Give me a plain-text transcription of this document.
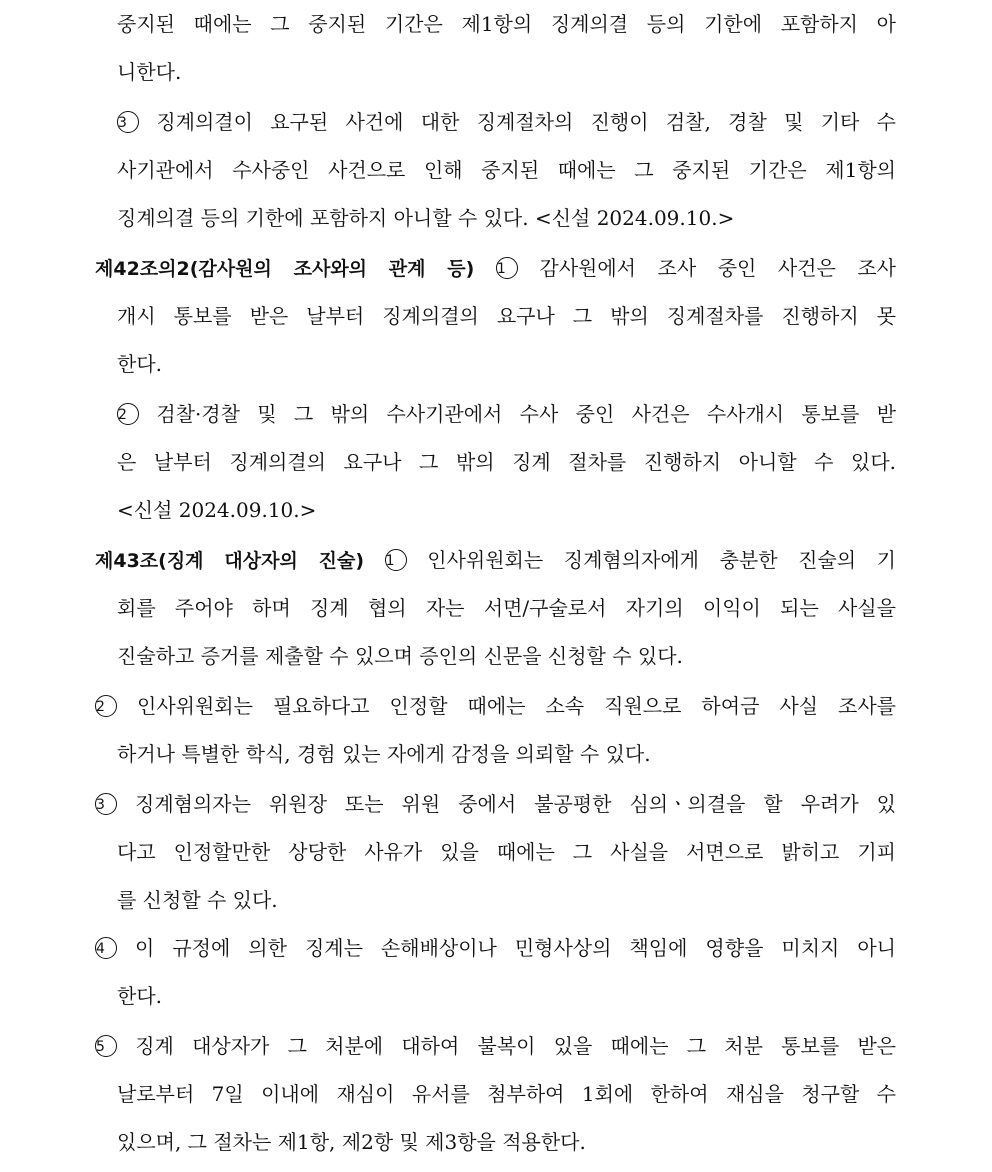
중지된 때에는 그 중지된 기간은 제1항의 징계의결 등의 기한에 포함하지 아
니한다.
3 징계의결이 요구된 사건에 대한 징계절차의 진행이 검찰, 경찰 및 기타 수
사기관에서 수사중인 사건으로 인해 중지된 때에는 그 중지된 기간은 제1항의
징계의결 등의 기한에 포함하지 아니할 수 있다. <신설 2024.09.10.>
제42조의2(감사원의 조사와의 관계 등) 1 감사원에서 조사 중인 사건은 조사
개시 통보를 받은 날부터 징계의결의 요구나 그 밖의 징계절차를 진행하지 못
한다.
2 검찰·경찰 및 그 밖의 수사기관에서 수사 중인 사건은 수사개시 통보를 받
은 날부터 징계의결의 요구나 그 밖의 징계 절차를 진행하지 아니할 수 있다.
<신설 2024.09.10.>
제43조(징계 대상자의 진술) 1 인사위원회는 징계혐의자에게 충분한 진술의 기
회를 주어야 하며 징계 협의 자는 서면/구술로서 자기의 이익이 되는 사실을
진술하고 증거를 제출할 수 있으며 증인의 신문을 신청할 수 있다.
2 인사위원회는 필요하다고 인정할 때에는 소속 직원으로 하여금 사실 조사를
하거나 특별한 학식, 경험 있는 자에게 감정을 의뢰할 수 있다.
3 징계혐의자는 위원장 또는 위원 중에서 불공평한 심의ㆍ의결을 할 우려가 있
다고 인정할만한 상당한 사유가 있을 때에는 그 사실을 서면으로 밝히고 기피
를 신청할 수 있다.
4 이 규정에 의한 징계는 손해배상이나 민형사상의 책임에 영향을 미치지 아니
한다.
5 징계 대상자가 그 처분에 대하여 불복이 있을 때에는 그 처분 통보를 받은
날로부터 7일 이내에 재심이 유서를 첨부하여 1회에 한하여 재심을 청구할 수
있으며, 그 절차는 제1항, 제2항 및 제3항을 적용한다.
